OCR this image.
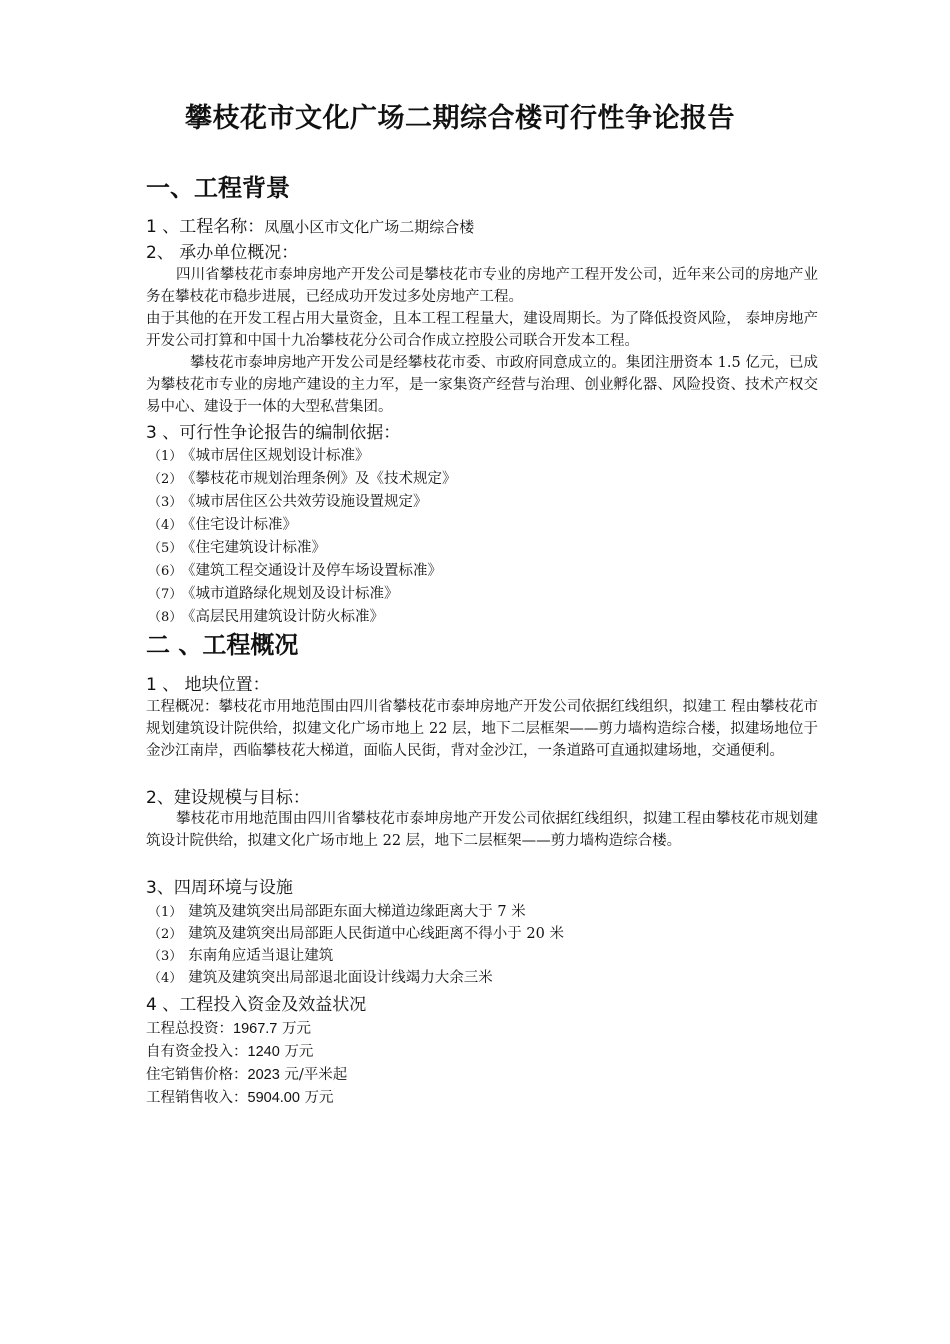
攀枝花市文化广场二期综合楼可行性争论报告
一、工程背景
1 、工程名称：凤凰小区市文化广场二期综合楼
2、 承办单位概况：
四川省攀枝花市泰坤房地产开发公司是攀枝花市专业的房地产工程开发公司，近年来公司的房地产业务在攀枝花市稳步进展，已经成功开发过多处房地产工程。
由于其他的在开发工程占用大量资金，且本工程工程量大，建设周期长。为了降低投资风险， 泰坤房地产开发公司打算和中国十九冶攀枝花分公司合作成立控股公司联合开发本工程。
攀枝花市泰坤房地产开发公司是经攀枝花市委、市政府同意成立的。集团注册资本 1.5 亿元，已成为攀枝花市专业的房地产建设的主力军，是一家集资产经营与治理、创业孵化器、风险投资、技术产权交易中心、建设于一体的大型私营集团。
3 、可行性争论报告的编制依据：
（1） 《城市居住区规划设计标准》
（2） 《攀枝花市规划治理条例》及《技术规定》
（3） 《城市居住区公共效劳设施设置规定》
（4） 《住宅设计标准》
（5） 《住宅建筑设计标准》
（6） 《建筑工程交通设计及停车场设置标准》
（7） 《城市道路绿化规划及设计标准》
（8） 《高层民用建筑设计防火标准》
二 、工程概况
1 、 地块位置：
工程概况：攀枝花市用地范围由四川省攀枝花市泰坤房地产开发公司依据红线组织，拟建工 程由攀枝花市规划建筑设计院供给，拟建文化广场市地上 22 层，地下二层框架——剪力墙构造综合楼，拟建场地位于金沙江南岸，西临攀枝花大梯道，面临人民街，背对金沙江，一条道路可直通拟建场地，交通便利。
2、建设规模与目标：
攀枝花市用地范围由四川省攀枝花市泰坤房地产开发公司依据红线组织，拟建工程由攀枝花市规划建筑设计院供给，拟建文化广场市地上 22 层，地下二层框架——剪力墙构造综合楼。
3、四周环境与设施
（1） 建筑及建筑突出局部距东面大梯道边缘距离大于 7 米
（2） 建筑及建筑突出局部距人民街道中心线距离不得小于 20 米
（3） 东南角应适当退让建筑
（4） 建筑及建筑突出局部退北面设计线竭力大余三米
4 、工程投入资金及效益状况
工程总投资：1967.7 万元
自有资金投入：1240 万元
住宅销售价格：2023 元/平米起
工程销售收入：5904.00 万元
